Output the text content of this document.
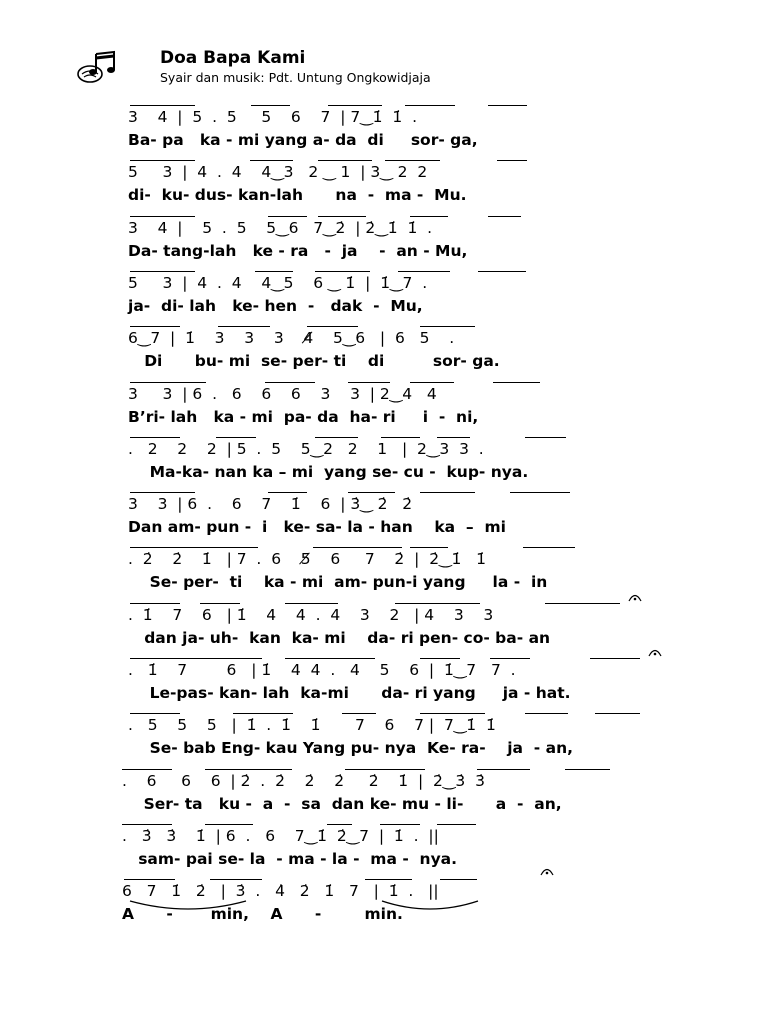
Doa Bapa Kami
Syair dan musik: Pdt. Untung Ongkowidjaja
3    4  |  5  .  5     5    6    7  | 7‿1̇  1̇  .
Ba- pa   ka - mi yang a- da  di     sor- ga,
5     3  |  4  .  4    4‿3   2 ‿ 1  | 3‿ 2  2
di-  ku- dus- kan-lah      na  -  ma -  Mu.
3    4  |    5  .  5    5‿6   7‿2̇  | 2̇‿1̇  1̇  .
Da- tang-lah   ke - ra   -  ja    -  an - Mu,
5     3  |  4  .  4    4‿5    6 ‿ 1̇  |  1̇‿7  .
ja-  di- lah   ke- hen  -   dak  -  Mu,
6‿7  |  1̇    3    3    3    4̸    5‿6   |  6   5    .
Di      bu- mi  se- per- ti    di         sor- ga.
3     3  | 6  .   6    6    6    3    3  | 2‿4   4
B’ri- lah   ka - mi  pa- da  ha- ri     i  -  ni,
.   2    2    2  | 5  .  5    5‿2   2    1   |  2‿3  3  .
Ma-ka- nan ka – mi  yang se- cu -  kup- nya.
3    3  | 6  .    6    7    1̇    6  | 3̇‿ 2̇   2̇
Dan am- pun -  i   ke- sa- la - han    ka  –  mi
.  2̇    2̇    1̇   | 7  .  6    5̸    6     7    2̇  |  2̇‿1̇   1̇
Se- per-  ti    ka - mi  am- pun-i yang     la -  in
.  1̇    7    6   | 1̇    4    4  .  4    3    2   | 4    3    3
dan ja- uh-  kan  ka- mi    da- ri pen- co- ba- an
.   1̇    7        6   | 1̇    4  4  .   4    5    6  |  1̇‿7   7  .
Le-pas- kan- lah  ka-mi      da- ri yang     ja - hat.
.   5    5    5   |  1̇  .  1̇    1̇       7    6    7 |  7‿1̇  1̇
Se- bab Eng- kau Yang pu- nya  Ke- ra-    ja  - an,
.    6     6    6  | 2̇  .  2̇    2̇    2̇     2̇    1̇  |  2̇‿3̇  3̇
Ser- ta   ku -  a  -  sa  dan ke- mu - li-      a  -  an,
.   3̇   3̇    1̇  | 6  .   6    7‿1̇  2̇‿7  |  1̇  .  ||
sam- pai se- la  - ma - la -  ma -  nya.
6   7   1̇   2̇   |  3̇  .   4̇   2̇   1̇   7   |  1̇  .   ||
A      -       min,    A      -        min.
